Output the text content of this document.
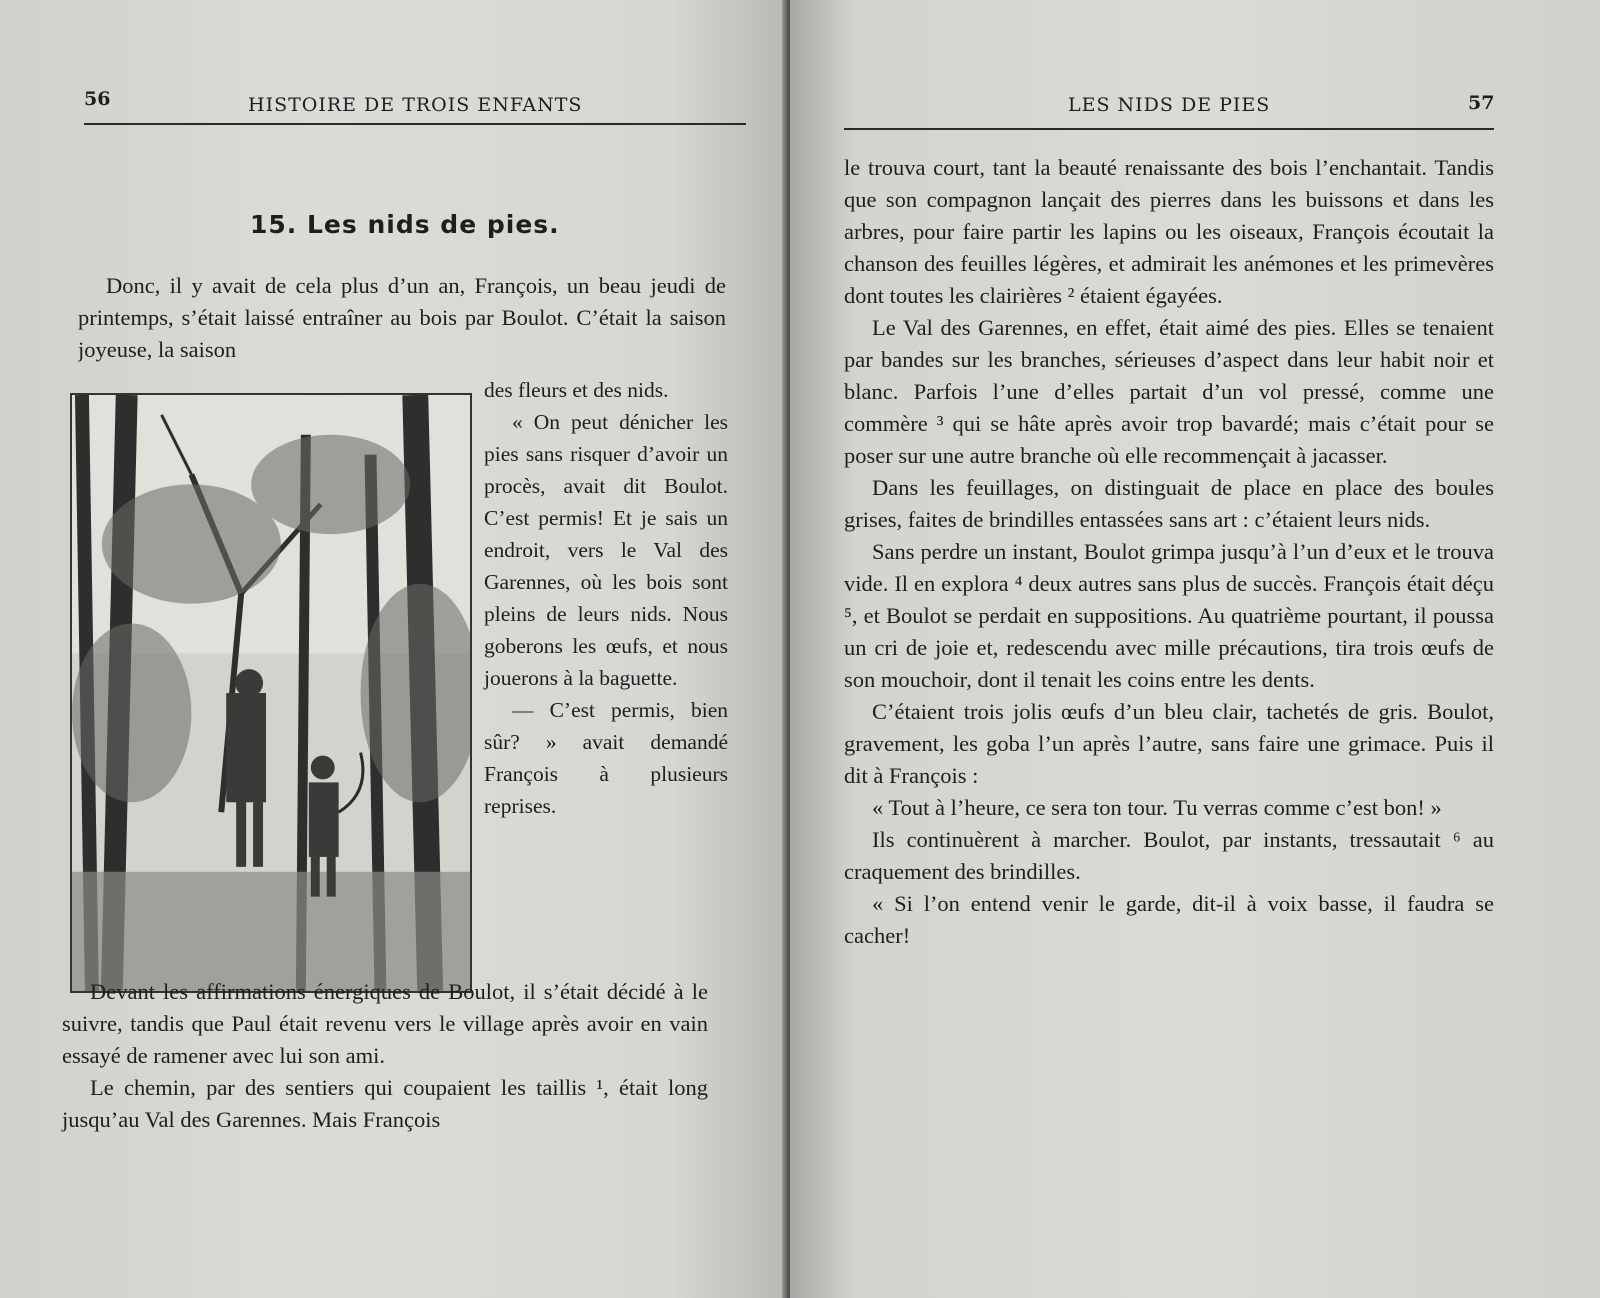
56	HISTOIRE DE TROIS ENFANTS
15. Les nids de pies.

Donc, il y avait de cela plus d’un an, François, un beau jeudi de printemps, s’était laissé entraîner au bois par Boulot. C’était la saison joyeuse, la saison

des fleurs et des nids.

« On peut dénicher les pies sans risquer d’avoir un procès, avait dit Boulot. C’est permis! Et je sais un endroit, vers le Val des Garennes, où les bois sont pleins de leurs nids. Nous goberons les œufs, et nous jouerons à la baguette.

— C’est permis, bien sûr? » avait demandé François à plusieurs reprises.

Devant les affirmations énergiques de Boulot, il s’était décidé à le suivre, tandis que Paul était revenu vers le village après avoir en vain essayé de ramener avec lui son ami.

Le chemin, par des sentiers qui coupaient les taillis ¹, était long jusqu’au Val des Garennes. Mais François

LES NIDS DE PIES	57

le trouva court, tant la beauté renaissante des bois l’enchantait. Tandis que son compagnon lançait des pierres dans les buissons et dans les arbres, pour faire partir les lapins ou les oiseaux, François écoutait la chanson des feuilles légères, et admirait les anémones et les primevères dont toutes les clairières ² étaient égayées.

Le Val des Garennes, en effet, était aimé des pies. Elles se tenaient par bandes sur les branches, sérieuses d’aspect dans leur habit noir et blanc. Parfois l’une d’elles partait d’un vol pressé, comme une commère ³ qui se hâte après avoir trop bavardé; mais c’était pour se poser sur une autre branche où elle recommençait à jacasser.

Dans les feuillages, on distinguait de place en place des boules grises, faites de brindilles entassées sans art : c’étaient leurs nids.

Sans perdre un instant, Boulot grimpa jusqu’à l’un d’eux et le trouva vide. Il en explora ⁴ deux autres sans plus de succès. François était déçu ⁵, et Boulot se perdait en suppositions. Au quatrième pourtant, il poussa un cri de joie et, redescendu avec mille précautions, tira trois œufs de son mouchoir, dont il tenait les coins entre les dents.

C’étaient trois jolis œufs d’un bleu clair, tachetés de gris. Boulot, gravement, les goba l’un après l’autre, sans faire une grimace. Puis il dit à François :

« Tout à l’heure, ce sera ton tour. Tu verras comme c’est bon! »

Ils continuèrent à marcher. Boulot, par instants, tressautait ⁶ au craquement des brindilles.

« Si l’on entend venir le garde, dit-il à voix basse, il faudra se cacher!
